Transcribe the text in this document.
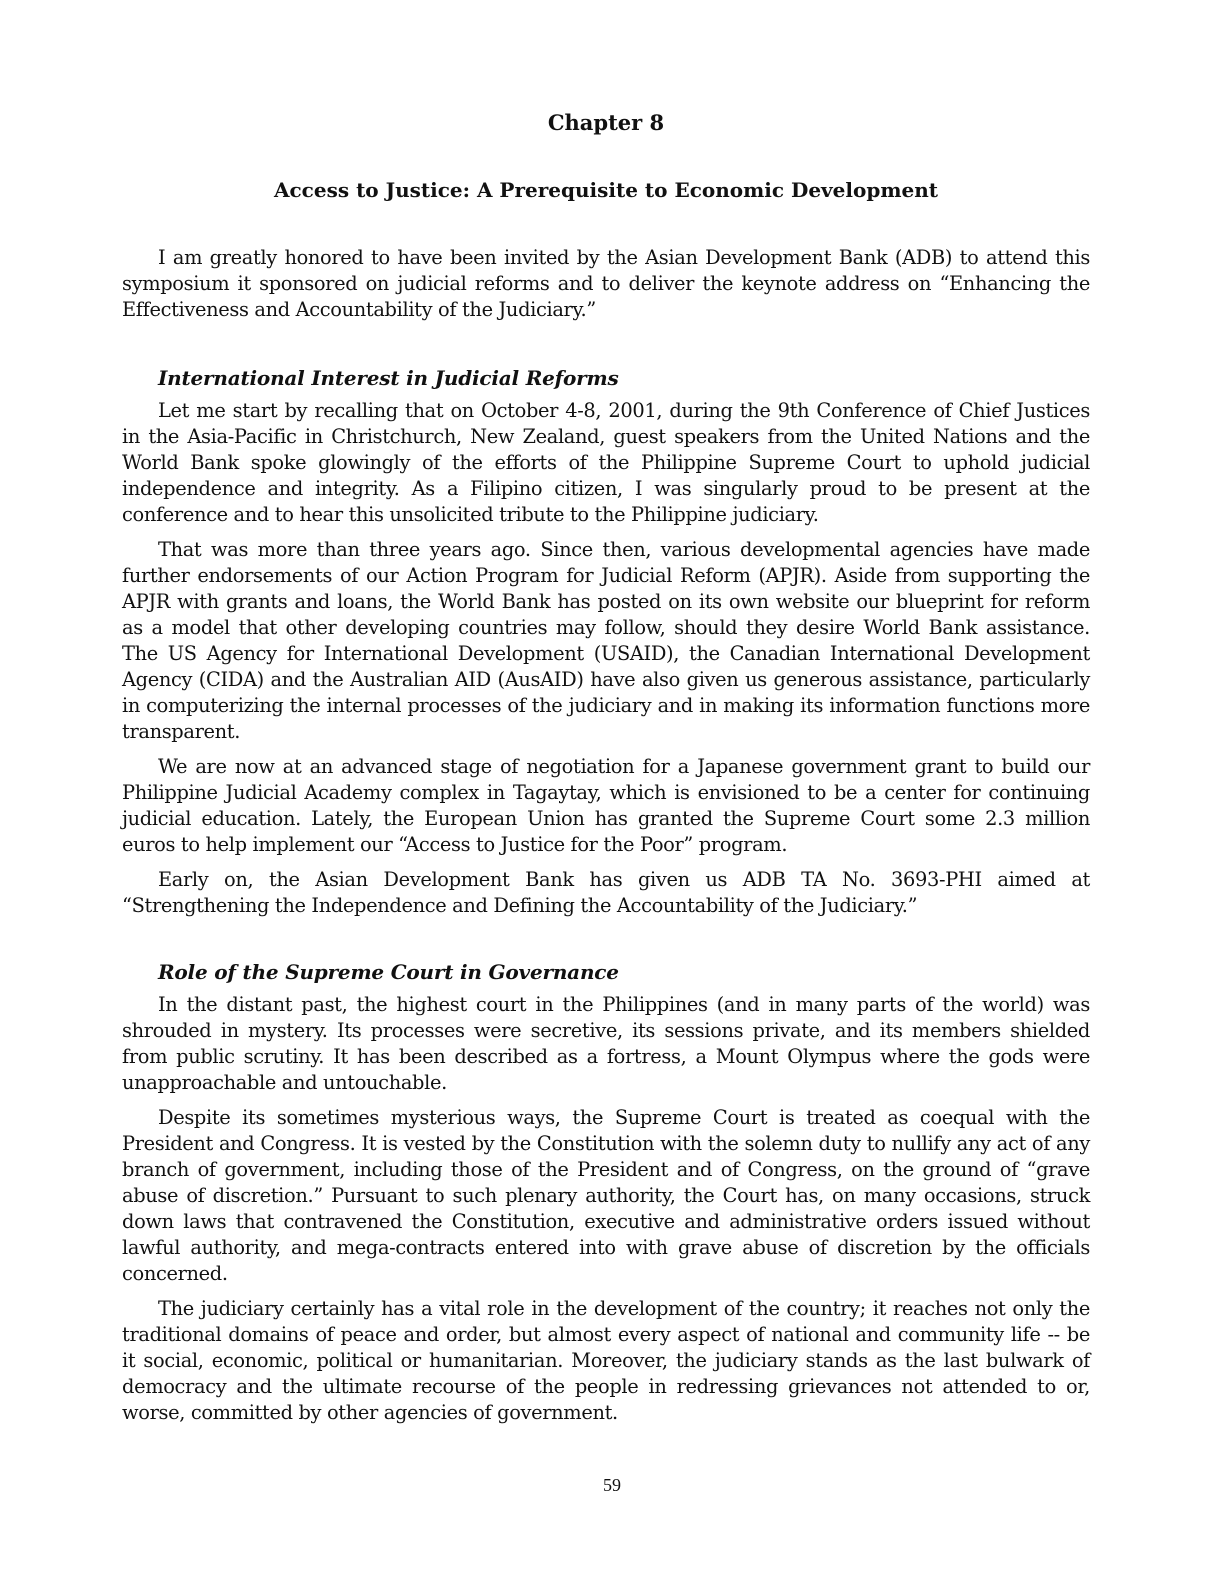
Chapter 8
Access to Justice: A Prerequisite to Economic Development

I am greatly honored to have been invited by the Asian Development Bank (ADB) to attend this symposium it sponsored on judicial reforms and to deliver the keynote address on “Enhancing the Effectiveness and Accountability of the Judiciary.”

International Interest in Judicial Reforms

Let me start by recalling that on October 4-8, 2001, during the 9th Conference of Chief Justices in the Asia-Pacific in Christchurch, New Zealand, guest speakers from the United Nations and the World Bank spoke glowingly of the efforts of the Philippine Supreme Court to uphold judicial independence and integrity. As a Filipino citizen, I was singularly proud to be present at the conference and to hear this unsolicited tribute to the Philippine judiciary.

That was more than three years ago. Since then, various developmental agencies have made further endorsements of our Action Program for Judicial Reform (APJR). Aside from supporting the APJR with grants and loans, the World Bank has posted on its own website our blueprint for reform as a model that other developing countries may follow, should they desire World Bank assistance. The US Agency for International Development (USAID), the Canadian International Development Agency (CIDA) and the Australian AID (AusAID) have also given us generous assistance, particularly in computerizing the internal processes of the judiciary and in making its information functions more transparent.

We are now at an advanced stage of negotiation for a Japanese government grant to build our Philippine Judicial Academy complex in Tagaytay, which is envisioned to be a center for continuing judicial education. Lately, the European Union has granted the Supreme Court some 2.3 million euros to help implement our “Access to Justice for the Poor” program.

Early on, the Asian Development Bank has given us ADB TA No. 3693-PHI aimed at “Strengthening the Independence and Defining the Accountability of the Judiciary.”

Role of the Supreme Court in Governance

In the distant past, the highest court in the Philippines (and in many parts of the world) was shrouded in mystery. Its processes were secretive, its sessions private, and its members shielded from public scrutiny. It has been described as a fortress, a Mount Olympus where the gods were unapproachable and untouchable.

Despite its sometimes mysterious ways, the Supreme Court is treated as coequal with the President and Congress. It is vested by the Constitution with the solemn duty to nullify any act of any branch of government, including those of the President and of Congress, on the ground of “grave abuse of discretion.” Pursuant to such plenary authority, the Court has, on many occasions, struck down laws that contravened the Constitution, executive and administrative orders issued without lawful authority, and mega-contracts entered into with grave abuse of discretion by the officials concerned.

The judiciary certainly has a vital role in the development of the country; it reaches not only the traditional domains of peace and order, but almost every aspect of national and community life -- be it social, economic, political or humanitarian. Moreover, the judiciary stands as the last bulwark of democracy and the ultimate recourse of the people in redressing grievances not attended to or, worse, committed by other agencies of government.

59
